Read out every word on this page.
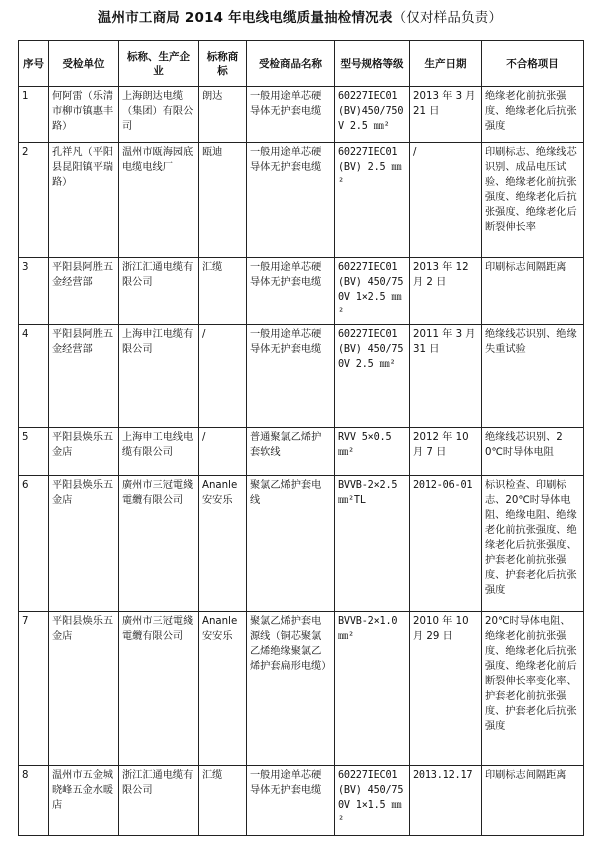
温州市工商局 2014 年电线电缆质量抽检情况表（仅对样品负责）
序号	受检单位	标称、生产企业	标称商标	受检商品名称	型号规格等级	生产日期	不合格项目
1	何阿雷（乐清市柳市镇惠丰路）	上海朗达电缆（集团）有限公司	朗达	一般用途单芯硬导体无护套电缆	60227IEC01(BV)450/750V 2.5 ㎜²	2013 年 3 月 21 日	绝缘老化前抗张强度、绝缘老化后抗张强度
2	孔祥凡（平阳县昆阳镇平瑞路）	温州市瓯海园底电缆电线厂	瓯迪	一般用途单芯硬导体无护套电缆	60227IEC01(BV) 2.5 ㎜²	/	印刷标志、绝缘线芯识别、成品电压试验、绝缘老化前抗张强度、绝缘老化后抗张强度、绝缘老化后断裂伸长率
3	平阳县阿胜五金经营部	浙江汇通电缆有限公司	汇缆	一般用途单芯硬导体无护套电缆	60227IEC01(BV) 450/750V 1×2.5 ㎜²	2013 年 12 月 2 日	印刷标志间隔距离
4	平阳县阿胜五金经营部	上海申江电缆有限公司	/	一般用途单芯硬导体无护套电缆	60227IEC01(BV) 450/750V 2.5 ㎜²	2011 年 3 月 31 日	绝缘线芯识别、绝缘失重试验
5	平阳县焕乐五金店	上海申工电线电缆有限公司	/	普通聚氯乙烯护套软线	RVV 5×0.5 ㎜²	2012 年 10 月 7 日	绝缘线芯识别、20℃时导体电阻
6	平阳县焕乐五金店	廣州市三冠電綫電纜有限公司	Ananle 安安乐	聚氯乙烯护套电线	BVVB-2×2.5 ㎜²TL	2012-06-01	标识检查、印刷标志、20℃时导体电阻、绝缘电阻、绝缘老化前抗张强度、绝缘老化后抗张强度、护套老化前抗张强度、护套老化后抗张强度
7	平阳县焕乐五金店	廣州市三冠電綫電纜有限公司	Ananle 安安乐	聚氯乙烯护套电源线（铜芯聚氯乙烯绝缘聚氯乙烯护套扁形电缆）	BVVB-2×1.0 ㎜²	2010 年 10 月 29 日	20℃时导体电阻、绝缘老化前抗张强度、绝缘老化后抗张强度、绝缘老化前后断裂伸长率变化率、护套老化前抗张强度、护套老化后抗张强度
8	温州市五金城晓峰五金水暖店	浙江汇通电缆有限公司	汇缆	一般用途单芯硬导体无护套电缆	60227IEC01(BV) 450/750V 1×1.5 ㎜²	2013.12.17	印刷标志间隔距离
